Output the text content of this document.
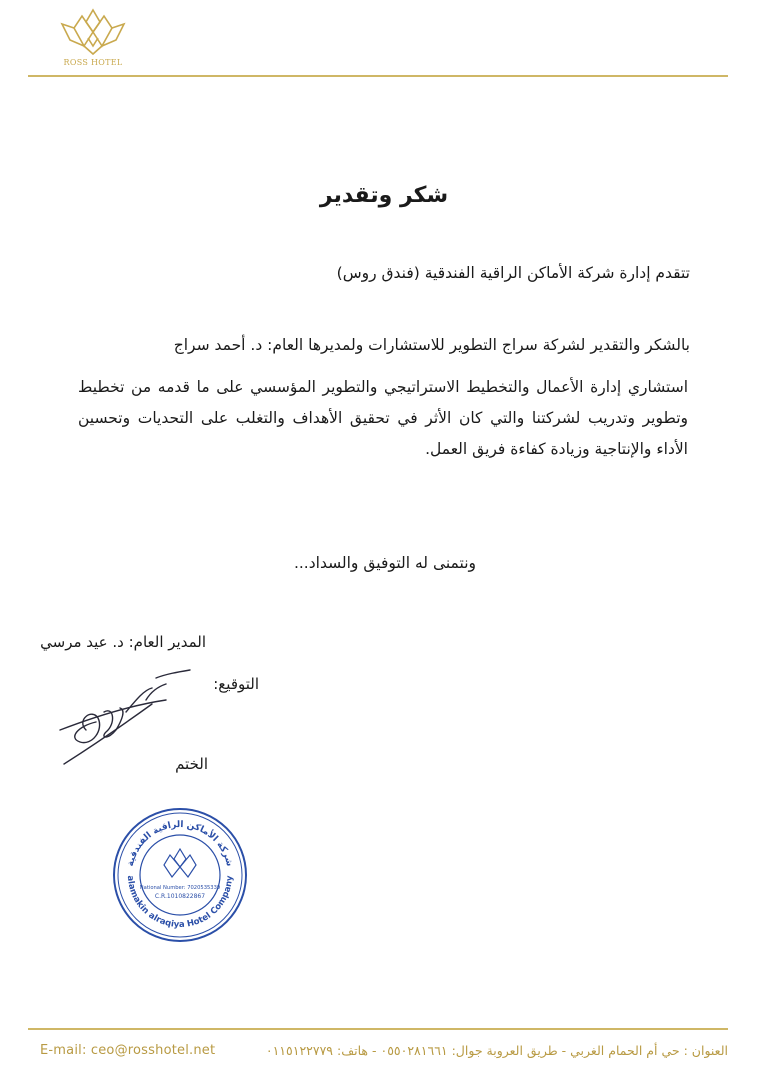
ROSS HOTEL
شكر وتقدير
تتقدم إدارة شركة الأماكن الراقية الفندقية (فندق روس)
بالشكر والتقدير لشركة سراج التطوير للاستشارات ولمديرها العام: د. أحمد سراج
استشاري إدارة الأعمال والتخطيط الاستراتيجي والتطوير المؤسسي على ما قدمه من تخطيط وتطوير وتدريب لشركتنا والتي كان الأثر في تحقيق الأهداف والتغلب على التحديات وتحسين الأداء والإنتاجية وزيادة كفاءة فريق العمل.
ونتمنى له التوفيق والسداد...
المدير العام: د. عيد مرسي
التوقيع:
الختم
شركة الأماكن الراقية الفندقية
alamakin alraqiya Hotel Company
National Number: 7020535339
C.R.1010822867
E-mail: ceo@rosshotel.net	العنوان : حي أم الحمام الغربي - طريق العروبة جوال: ٠٥٥٠٢٨١٦٦١ - هاتف: ٠١١٥١٢٢٧٧٩
